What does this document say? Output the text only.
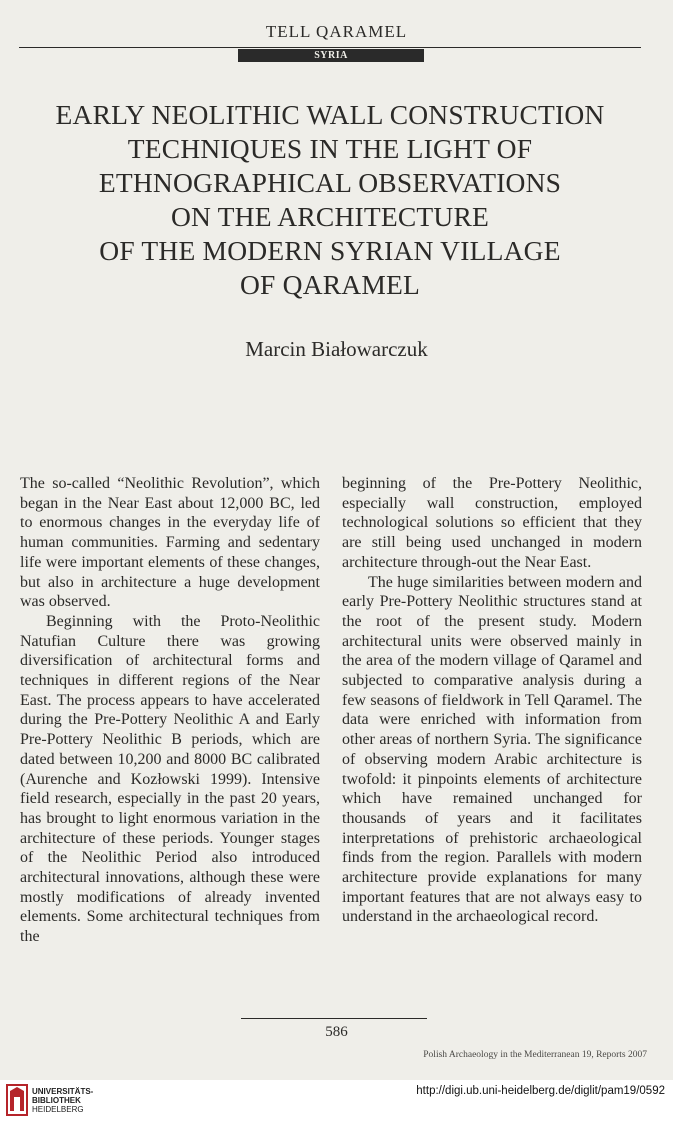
TELL QARAMEL
SYRIA
EARLY NEOLITHIC WALL CONSTRUCTION
TECHNIQUES IN THE LIGHT OF
ETHNOGRAPHICAL OBSERVATIONS
ON THE ARCHITECTURE
OF THE MODERN SYRIAN VILLAGE
OF QARAMEL
Marcin Białowarczuk

The so-called “Neolithic Revolution”, which began in the Near East about 12,000 BC, led to enormous changes in the everyday life of human communities. Farming and sedentary life were important elements of these changes, but also in architecture a huge development was observed.

Beginning with the Proto-Neolithic Natufian Culture there was growing diversification of architectural forms and techniques in different regions of the Near East. The process appears to have accelerated during the Pre-Pottery Neolithic A and Early Pre-Pottery Neolithic B periods, which are dated between 10,200 and 8000 BC calibrated (Aurenche and Kozłowski 1999). Intensive field research, especially in the past 20 years, has brought to light enormous variation in the architecture of these periods. Younger stages of the Neolithic Period also introduced architectural innovations, although these were mostly modifications of already invented elements. Some architectural techniques from the

beginning of the Pre-Pottery Neolithic, especially wall construction, employed technological solutions so efficient that they are still being used unchanged in modern architecture through-out the Near East.

The huge similarities between modern and early Pre-Pottery Neolithic structures stand at the root of the present study. Modern architectural units were observed mainly in the area of the modern village of Qaramel and subjected to comparative analysis during a few seasons of fieldwork in Tell Qaramel. The data were enriched with information from other areas of northern Syria. The significance of observing modern Arabic architecture is twofold: it pinpoints elements of architecture which have remained unchanged for thousands of years and it facilitates interpretations of prehistoric archaeological finds from the region. Parallels with modern architecture provide explanations for many important features that are not always easy to understand in the archaeological record.

586
Polish Archaeology in the Mediterranean 19, Reports 2007
UNIVERSITÄTS-
BIBLIOTHEK
HEIDELBERG
http://digi.ub.uni-heidelberg.de/diglit/pam19/0592
